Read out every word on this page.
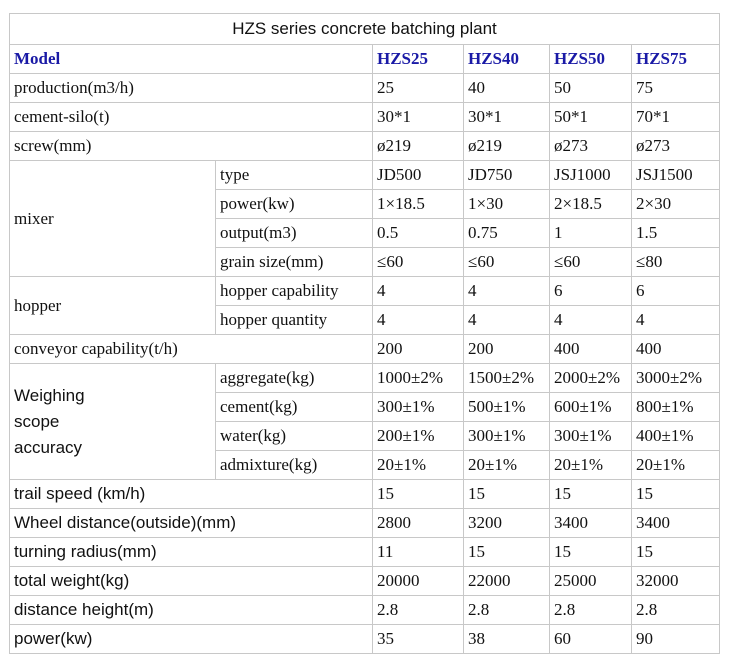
HZS series concrete batching plant					
Model		HZS25	HZS40	HZS50	HZS75
production(m3/h)		25	40	50	75
cement-silo(t)		30*1	30*1	50*1	70*1
screw(mm)		ø219	ø219	ø273	ø273
mixer	type	JD500	JD750	JSJ1000	JSJ1500
	power(kw)	1×18.5	1×30	2×18.5	2×30
	output(m3)	0.5	0.75	1	1.5
	grain size(mm)	≤60	≤60	≤60	≤80
hopper	hopper capability	4	4	6	6
	hopper quantity	4	4	4	4
conveyor capability(t/h)		200	200	400	400
Weighing scope accuracy	aggregate(kg)	1000±2%	1500±2%	2000±2%	3000±2%
	cement(kg)	300±1%	500±1%	600±1%	800±1%
	water(kg)	200±1%	300±1%	300±1%	400±1%
	admixture(kg)	20±1%	20±1%	20±1%	20±1%
trail speed (km/h)		15	15	15	15
Wheel distance(outside)(mm)		2800	3200	3400	3400
turning radius(mm)		11	15	15	15
total weight(kg)		20000	22000	25000	32000
distance height(m)		2.8	2.8	2.8	2.8
power(kw)		35	38	60	90
